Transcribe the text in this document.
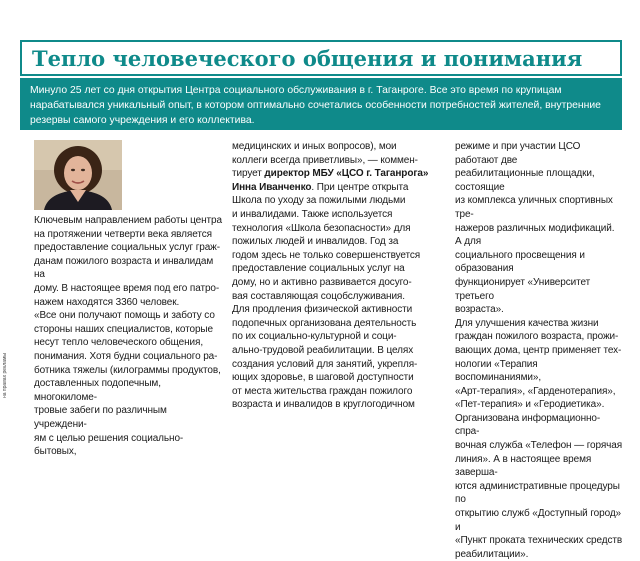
Тепло человеческого общения и понимания
Минуло 25 лет со дня открытия Центра социального обслуживания в г. Таганроге. Все это время по крупицам нарабатывался уникальный опыт, в котором оптимально сочетались особенности потребностей жителей, внутренние резервы самого учреждения и его коллектива.

Ключевым направлением работы центра

на протяжении четверти века является

предоставление социальных услуг граж-

данам пожилого возраста и инвалидам на

дому. В настоящее время под его патро-

нажем находятся 3360 человек.

«Все они получают помощь и заботу со

стороны наших специалистов, которые

несут тепло человеческого общения,

понимания. Хотя будни социального ра-

ботника тяжелы (килограммы продуктов,

доставленных подопечным, многокиломе-

тровые забеги по различным учреждени-

ям с целью решения социально-бытовых,

медицинских и иных вопросов), мои

коллеги всегда приветливы», — коммен-

тирует директор МБУ «ЦСО г. Таганрога»

Инна Иванченко. При центре открыта

Школа по уходу за пожилыми людьми

и инвалидами. Также используется

технология «Школа безопасности» для

пожилых людей и инвалидов. Год за

годом здесь не только совершенствуется

предоставление социальных услуг на

дому, но и активно развивается досуго-

вая составляющая соцобслуживания.

Для продления физической активности

подопечных организована деятельность

по их социально-культурной и соци-

ально-трудовой реабилитации. В целях

создания условий для занятий, укрепля-

ющих здоровье, в шаговой доступности

от места жительства граждан пожилого

возраста и инвалидов в круглогодичном

режиме и при участии ЦСО работают две

реабилитационные площадки, состоящие

из комплекса уличных спортивных тре-

нажеров различных модификаций. А для

социального просвещения и образования

функционирует «Университет третьего

возраста».

Для улучшения качества жизни

граждан пожилого возраста, прожи-

вающих дома, центр применяет тех-

нологии «Терапия воспоминаниями»,

«Арт-терапия», «Гарденотерапия»,

«Пет-терапия» и «Геродиетика».

Организована информационно-спра-

вочная служба «Телефон — горячая

линия». А в настоящее время заверша-

ются административные процедуры по

открытию служб «Доступный город» и

«Пункт проката технических средств

реабилитации».

на правах рекламы
